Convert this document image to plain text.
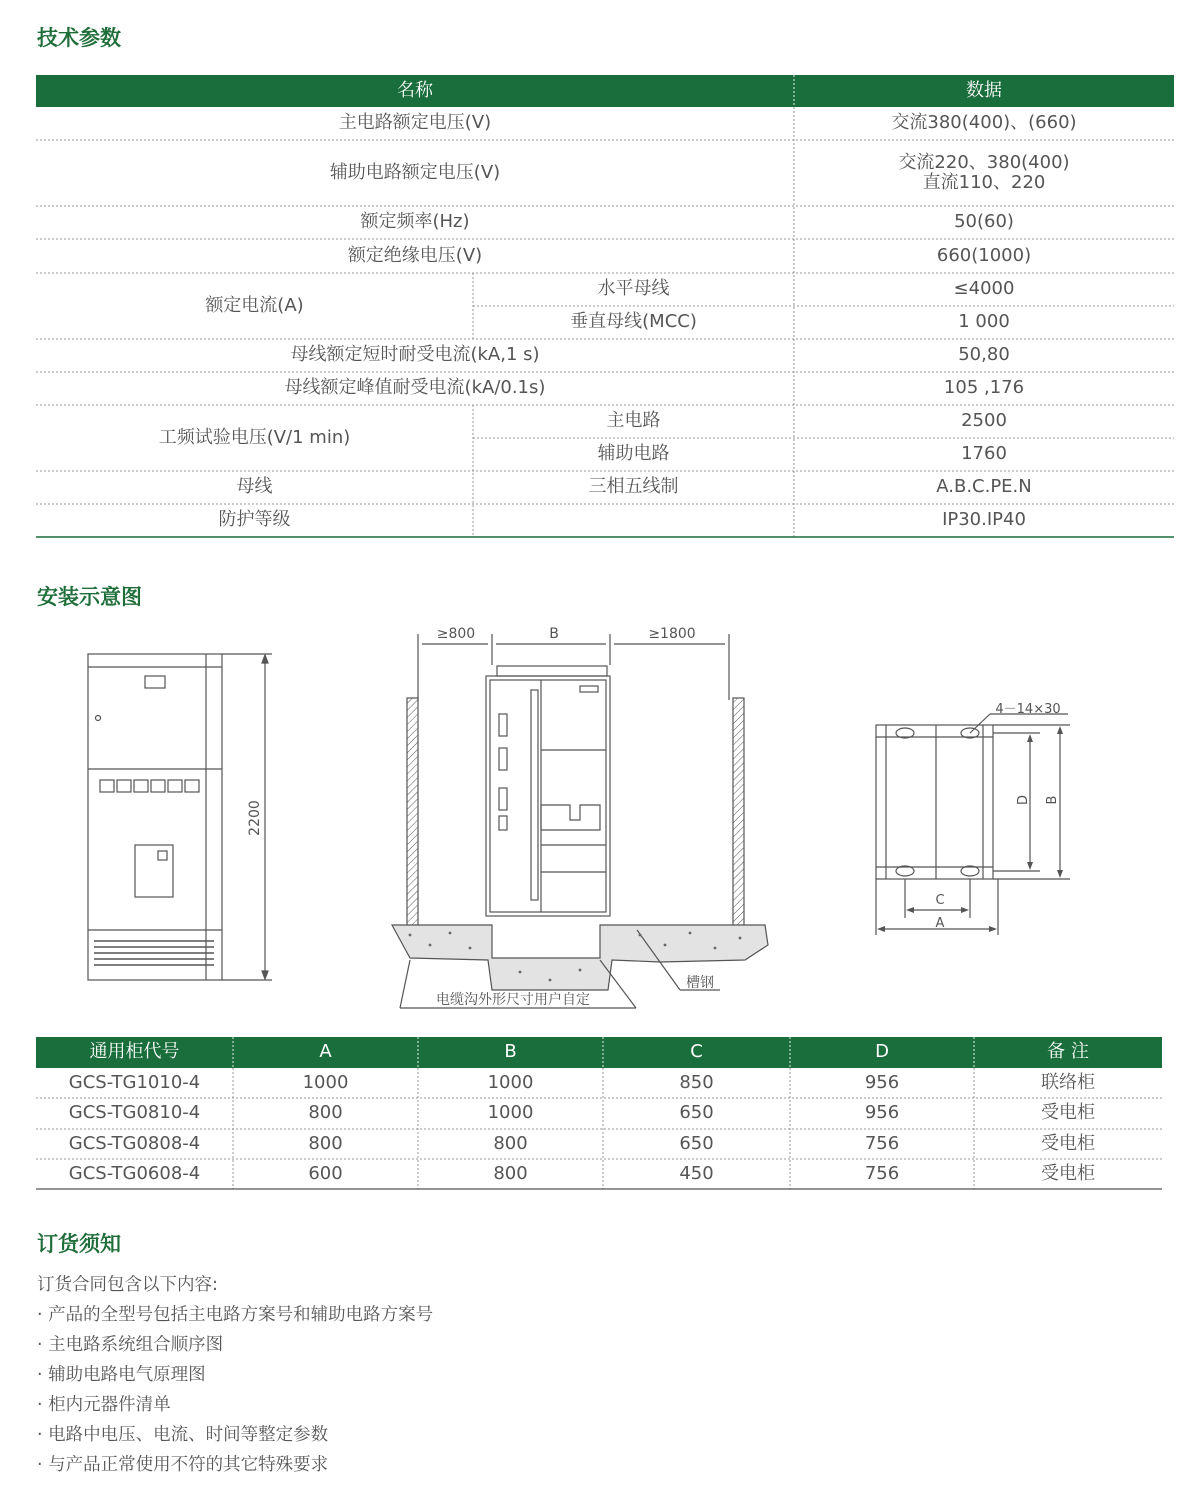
技术参数
名称	数据
主电路额定电压(V)	交流380(400)、(660)
辅助电路额定电压(V)	交流220、380(400)
直流110、220
额定频率(Hz)	50(60)
额定绝缘电压(V)	660(1000)
额定电流(A)
水平母线	≤4000
垂直母线(MCC)	1 000
母线额定短时耐受电流(kA,1 s)	50,80
母线额定峰值耐受电流(kA/0.1s)	105 ,176
工频试验电压(V/1 min)
主电路	2500
辅助电路	1760
母线	三相五线制	A.B.C.PE.N
防护等级	IP30.IP40
安装示意图
2200
≥800	B	≥1800
槽钢
电缆沟外形尺寸用户自定
4－14×30
D B
C
A
通用柜代号	A	B	C	D	备 注
GCS-TG1010-4	1000	1000	850	956	联络柜
GCS-TG0810-4	800	1000	650	956	受电柜
GCS-TG0808-4	800	800	650	756	受电柜
GCS-TG0608-4	600	800	450	756	受电柜
订货须知
订货合同包含以下内容:
· 产品的全型号包括主电路方案号和辅助电路方案号
· 主电路系统组合顺序图
· 辅助电路电气原理图
· 柜内元器件清单
· 电路中电压、电流、时间等整定参数
· 与产品正常使用不符的其它特殊要求
